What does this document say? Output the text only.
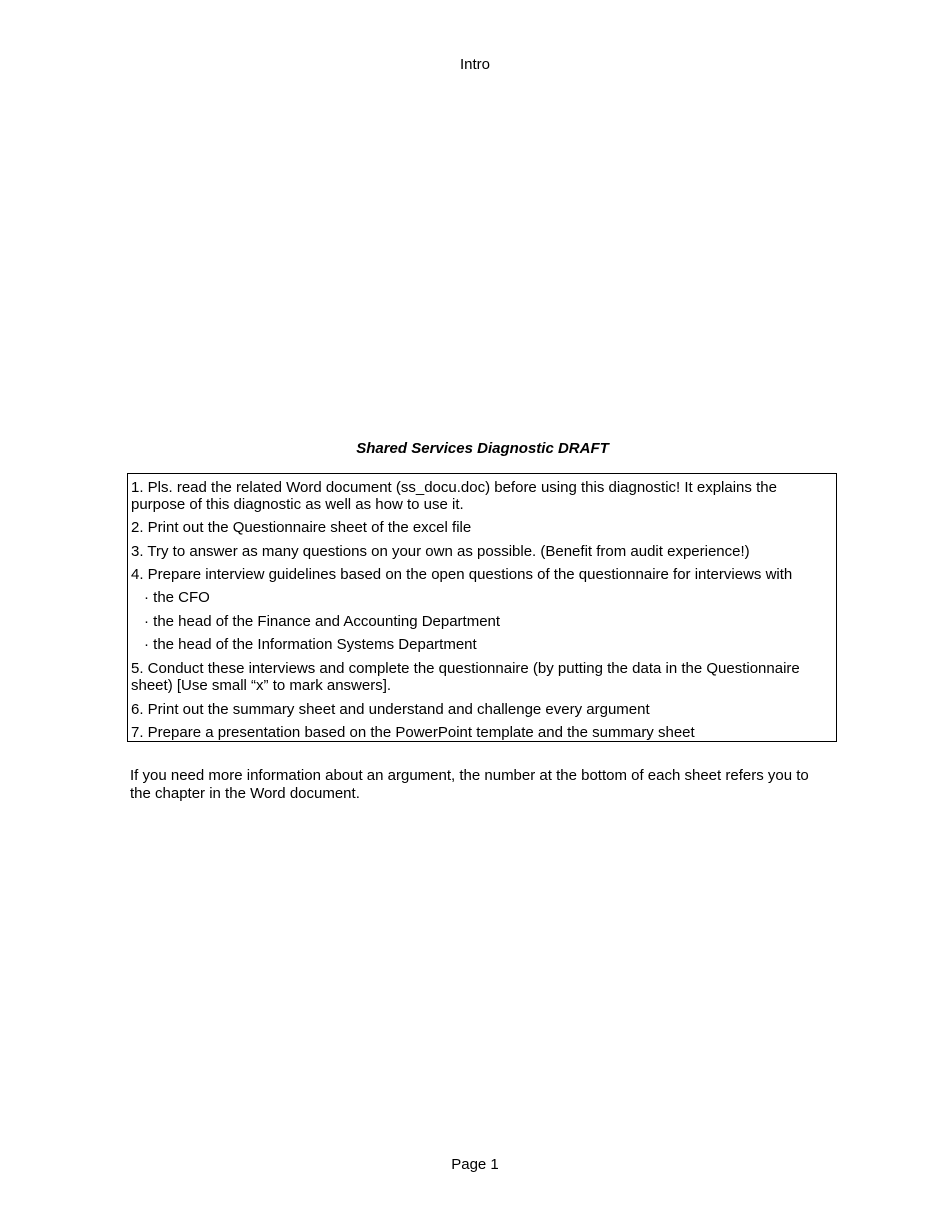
Intro
Shared Services Diagnostic DRAFT
1. Pls. read the related Word document (ss_docu.doc) before using this diagnostic! It explains the purpose of this diagnostic as well as how to use it.
2. Print out the Questionnaire sheet of the excel file
3. Try to answer as many questions on your own as possible. (Benefit from audit experience!)
4. Prepare interview guidelines based on the open questions of the questionnaire for interviews with
· the CFO
· the head of the Finance and Accounting Department
· the head of the Information Systems Department
5. Conduct these interviews and complete the questionnaire (by putting the data in the Questionnaire sheet) [Use small “x” to mark answers].
6. Print out the summary sheet and understand and challenge every argument
7. Prepare a presentation based on the PowerPoint template and the summary sheet
If you need more information about an argument, the number at the bottom of each sheet refers you to the chapter in the Word document.
Page 1
